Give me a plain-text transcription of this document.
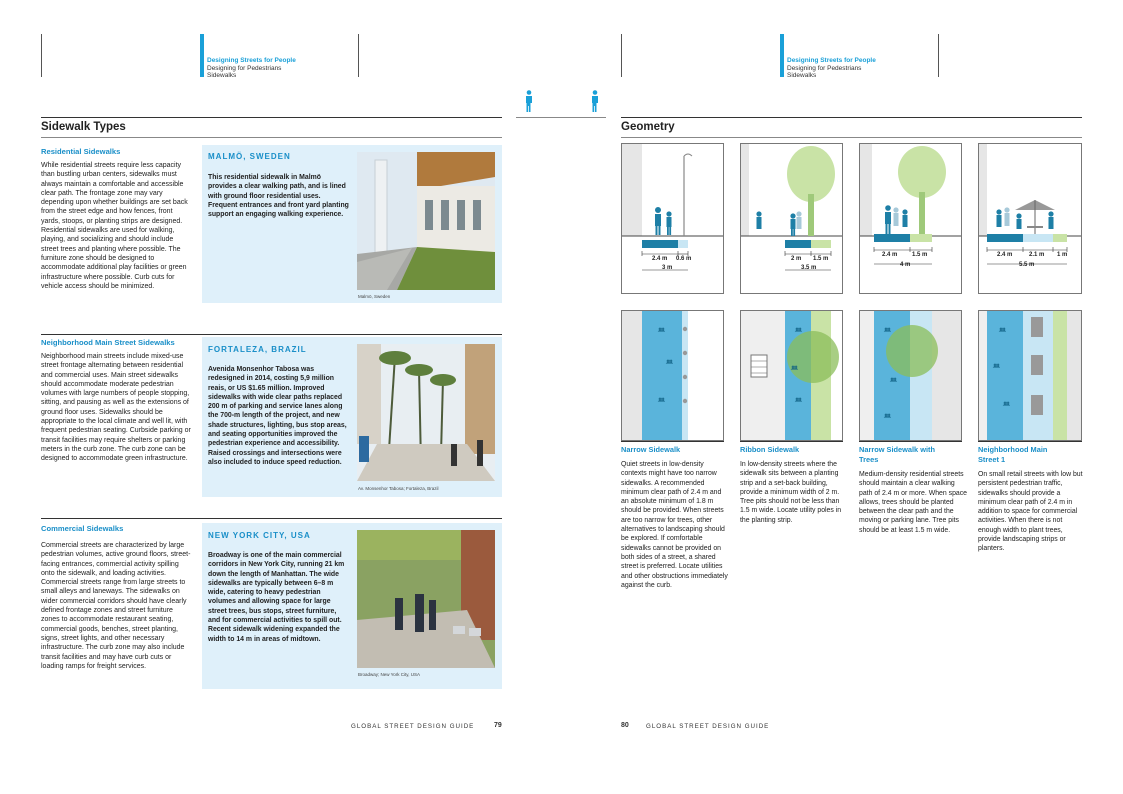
Designing Streets for People
Designing for Pedestrians
Sidewalks
Sidewalk Types
Residential Sidewalks
While residential streets require less capacity than bustling urban centers, sidewalks must always maintain a comfortable and accessible clear path. The frontage zone may vary depending upon whether buildings are set back from the street edge and how fences, front yards, stoops, or planting strips are designed. Residential sidewalks are used for walking, playing, and socializing and should include street trees and planting where possible. The furniture zone should be designed to accommodate additional play facilities or green infrastructure where possible. Curb cuts for vehicle access should be minimized.
MALMÖ, SWEDEN
This residential sidewalk in Malmö provides a clear walking path, and is lined with ground floor residential uses. Frequent entrances and front yard planting support an engaging walking experience.
Malmö, Sweden
Neighborhood Main Street Sidewalks
Neighborhood main streets include mixed-use street frontage alternating between residential and commercial uses. Main street sidewalks should accommodate moderate pedestrian volumes with large numbers of people stopping, sitting, and pausing as well as the extensions of ground floor uses. Sidewalks should be appropriate to the local climate and well lit, with frequent pedestrian seating. Curbside parking or transit facilities may require shelters or parking meters in the curb zone. The curb zone can be designed to accommodate green infrastructure.
FORTALEZA, BRAZIL
Avenida Monsenhor Tabosa was redesigned in 2014, costing 5,9 million reais, or US $1.65 million. Improved sidewalks with wide clear paths replaced 200 m of parking and service lanes along the 700-m length of the project, and new shade structures, lighting, bus stop areas, and seating opportunities improved the pedestrian experience and accessibility. Raised crossings and intersections were also included to induce speed reduction.
Av. Monsenhor Tabosa; Fortaleza, Brazil
Commercial Sidewalks
Commercial streets are characterized by large pedestrian volumes, active ground floors, street-facing entrances, commercial activity spilling onto the sidewalk, and loading activities. Commercial streets range from large streets to small alleys and laneways. The sidewalks on wider commercial corridors should have clearly defined frontage zones and street furniture zones to accommodate restaurant seating, commercial goods, benches, street planting, signs, street lights, and other necessary infrastructure. The curb zone may also include transit facilities and may have curb cuts or loading ramps for freight services.
NEW YORK CITY, USA
Broadway is one of the main commercial corridors in New York City, running 21 km down the length of Manhattan. The wide sidewalks are typically between 6–8 m wide, catering to heavy pedestrian volumes and allowing space for large street trees, bus stops, street furniture, and for commercial activities to spill out. Recent sidewalk widening expanded the width to 14 m in areas of midtown.
Broadway; New York City, USA
GLOBAL STREET DESIGN GUIDE	79
Designing Streets for People
Designing for Pedestrians
Sidewalks
Geometry
2.4 m 0.6 m
3 m
ᚙ
ᚙ
ᚙ
2 m 1.5 m
3.5 m
ᚙ
ᚙ
ᚙ
2.4 m 1.5 m
4 m
ᚙ
ᚙ
ᚙ
2.4 m	2.1 m 1 m
5.5 m
ᚙ
ᚙ
ᚙ
Narrow Sidewalk
Quiet streets in low-density contexts might have too narrow sidewalks. A recommended minimum clear path of 2.4 m and an absolute minimum of 1.8 m should be provided. When streets are too narrow for trees, other alternatives to landscaping should be explored. If comfortable sidewalks cannot be provided on both sides of a street, a shared street is preferred. Locate utilities and other obstructions immediately against the curb.
Ribbon Sidewalk
In low-density streets where the sidewalk sits between a planting strip and a set-back building, provide a minimum width of 2 m. Tree pits should not be less than 1.5 m wide. Locate utility poles in the planting strip.
Narrow Sidewalk with Trees
Medium-density residential streets should maintain a clear walking path of 2.4 m or more. When space allows, trees should be planted between the clear path and the moving or parking lane. Tree pits should be at least 1.5 m wide.
Neighborhood Main Street 1
On small retail streets with low but persistent pedestrian traffic, sidewalks should provide a minimum clear path of 2.4 m in addition to space for commercial activities. When there is not enough width to plant trees, provide landscaping strips or planters.
80	GLOBAL STREET DESIGN GUIDE
